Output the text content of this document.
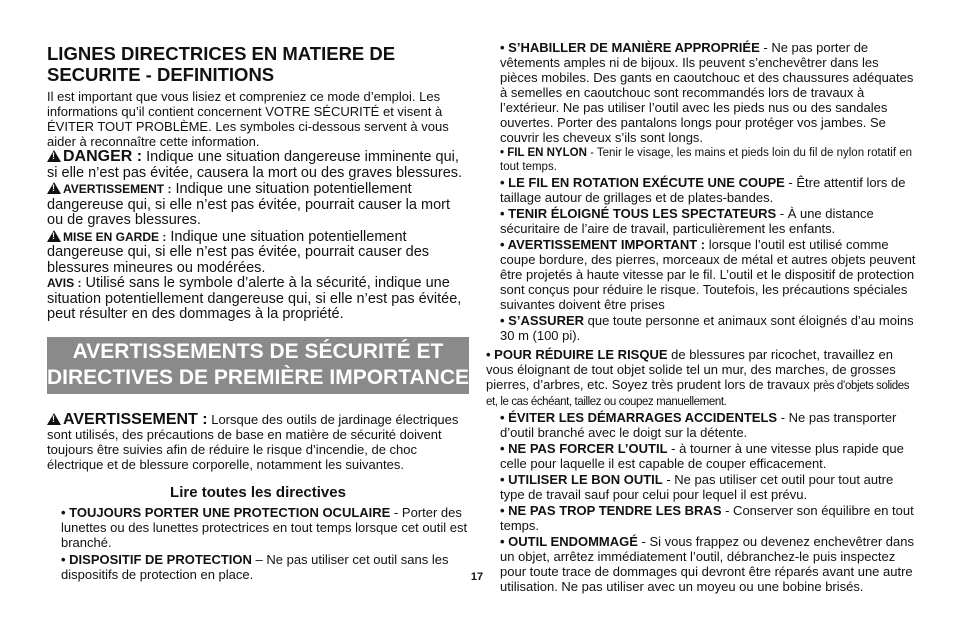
LIGNES DIRECTRICES EN MATIERE DE SECURITE - DEFINITIONS

Il est important que vous lisiez et compreniez ce mode d’emploi. Les informations qu’il contient concernent VOTRE SÉCURITÉ et visent à ÉVITER TOUT PROBLÈME. Les symboles ci-dessous servent à vous aider à reconnaître cette information.

!DANGER : Indique une situation dangereuse imminente qui, si elle n’est pas évitée, causera la mort ou des graves blessures.

!AVERTISSEMENT : Indique une situation potentiellement dangereuse qui, si elle n’est pas évitée, pourrait causer la mort ou de graves blessures.

!MISE EN GARDE : Indique une situation potentiellement dangereuse qui, si elle n’est pas évitée, pourrait causer des blessures mineures ou modérées.

AVIS : Utilisé sans le symbole d’alerte à la sécurité, indique une situation potentiellement dangereuse qui, si elle n’est pas évitée, peut résulter en des dommages à la propriété.

AVERTISSEMENTS DE SÉCURITÉ ET
DIRECTIVES DE PREMIÈRE IMPORTANCE

!AVERTISSEMENT : Lorsque des outils de jardinage électriques sont utilisés, des précautions de base en matière de sécurité doivent toujours être suivies afin de réduire le risque d’incendie, de choc électrique et de blessure corporelle, notamment les suivantes.

Lire toutes les directives

• TOUJOURS PORTER UNE PROTECTION OCULAIRE - Porter des lunettes ou des lunettes protectrices en tout temps lorsque cet outil est branché.

• DISPOSITIF DE PROTECTION – Ne pas utiliser cet outil sans les dispositifs de protection en place.

• S’HABILLER DE MANIÈRE APPROPRIÉE - Ne pas porter de vêtements amples ni de bijoux. Ils peuvent s’enchevêtrer dans les pièces mobiles. Des gants en caoutchouc et des chaussures adéquates à semelles en caoutchouc sont recommandés lors de travaux à l’extérieur. Ne pas utiliser l’outil avec les pieds nus ou des sandales ouvertes. Porter des pantalons longs pour protéger vos jambes. Se couvrir les cheveux s’ils sont longs.

• FIL EN NYLON - Tenir le visage, les mains et pieds loin du fil de nylon rotatif en tout temps.

• LE FIL EN ROTATION EXÉCUTE UNE COUPE - Être attentif lors de taillage autour de grillages et de plates-bandes.

• TENIR ÉLOIGNÉ TOUS LES SPECTATEURS - À une distance sécuritaire de l’aire de travail, particulièrement les enfants.

• AVERTISSEMENT IMPORTANT : lorsque l’outil est utilisé comme coupe bordure, des pierres, morceaux de métal et autres objets peuvent être projetés à haute vitesse par le fil. L’outil et le dispositif de protection sont conçus pour réduire le risque. Toutefois, les précautions spéciales suivantes doivent être prises

• S’ASSURER que toute personne et animaux sont éloignés d’au moins 30 m (100 pi).

• POUR RÉDUIRE LE RISQUE de blessures par ricochet, travaillez en vous éloignant de tout objet solide tel un mur, des marches, de grosses pierres, d’arbres, etc. Soyez très prudent lors de travaux près d’objets solides et, le cas échéant, taillez ou coupez manuellement.

• ÉVITER LES DÉMARRAGES ACCIDENTELS - Ne pas transporter d’outil branché avec le doigt sur la détente.

• NE PAS FORCER L’OUTIL - à tourner à une vitesse plus rapide que celle pour laquelle il est capable de couper efficacement.

• UTILISER LE BON OUTIL - Ne pas utiliser cet outil pour tout autre type de travail sauf pour celui pour lequel il est prévu.

• NE PAS TROP TENDRE LES BRAS - Conserver son équilibre en tout temps.

• OUTIL ENDOMMAGÉ - Si vous frappez ou devenez enchevêtrer dans un objet, arrêtez immédiatement l’outil, débranchez-le puis inspectez pour toute trace de dommages qui devront être réparés avant une autre utilisation. Ne pas utiliser avec un moyeu ou une bobine brisés.

17
